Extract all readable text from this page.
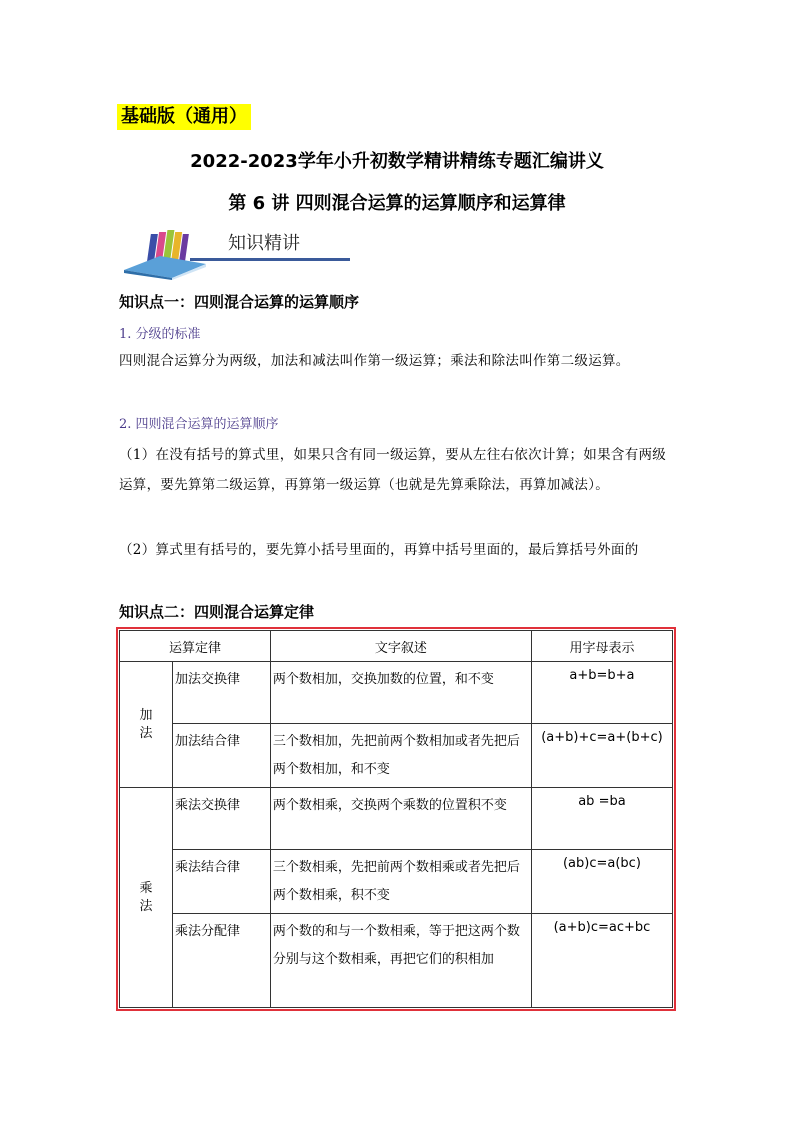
基础版（通用）
2022-2023学年小升初数学精讲精练专题汇编讲义
第 6 讲 四则混合运算的运算顺序和运算律
知识精讲
知识点一：四则混合运算的运算顺序
1. 分级的标准
四则混合运算分为两级，加法和减法叫作第一级运算；乘法和除法叫作第二级运算。
2. 四则混合运算的运算顺序
（1）在没有括号的算式里，如果只含有同一级运算，要从左往右依次计算；如果含有两级运算，要先算第二级运算，再算第一级运算（也就是先算乘除法，再算加减法）。
（2）算式里有括号的，要先算小括号里面的，再算中括号里面的，最后算括号外面的
知识点二：四则混合运算定律
运算定律		文字叙述	用字母表示

加法	加法交换律	两个数相加，交换加数的位置，和不变	a+b=b+a
	加法结合律	三个数相加，先把前两个数相加或者先把后两个数相加，和不变	(a+b)+c=a+(b+c)

乘法	乘法交换律	两个数相乘，交换两个乘数的位置积不变	ab =ba
	乘法结合律	三个数相乘，先把前两个数相乘或者先把后两个数相乘，积不变	(ab)c=a(bc)
	乘法分配律	两个数的和与一个数相乘，等于把这两个数分别与这个数相乘，再把它们的积相加	(a+b)c=ac+bc
